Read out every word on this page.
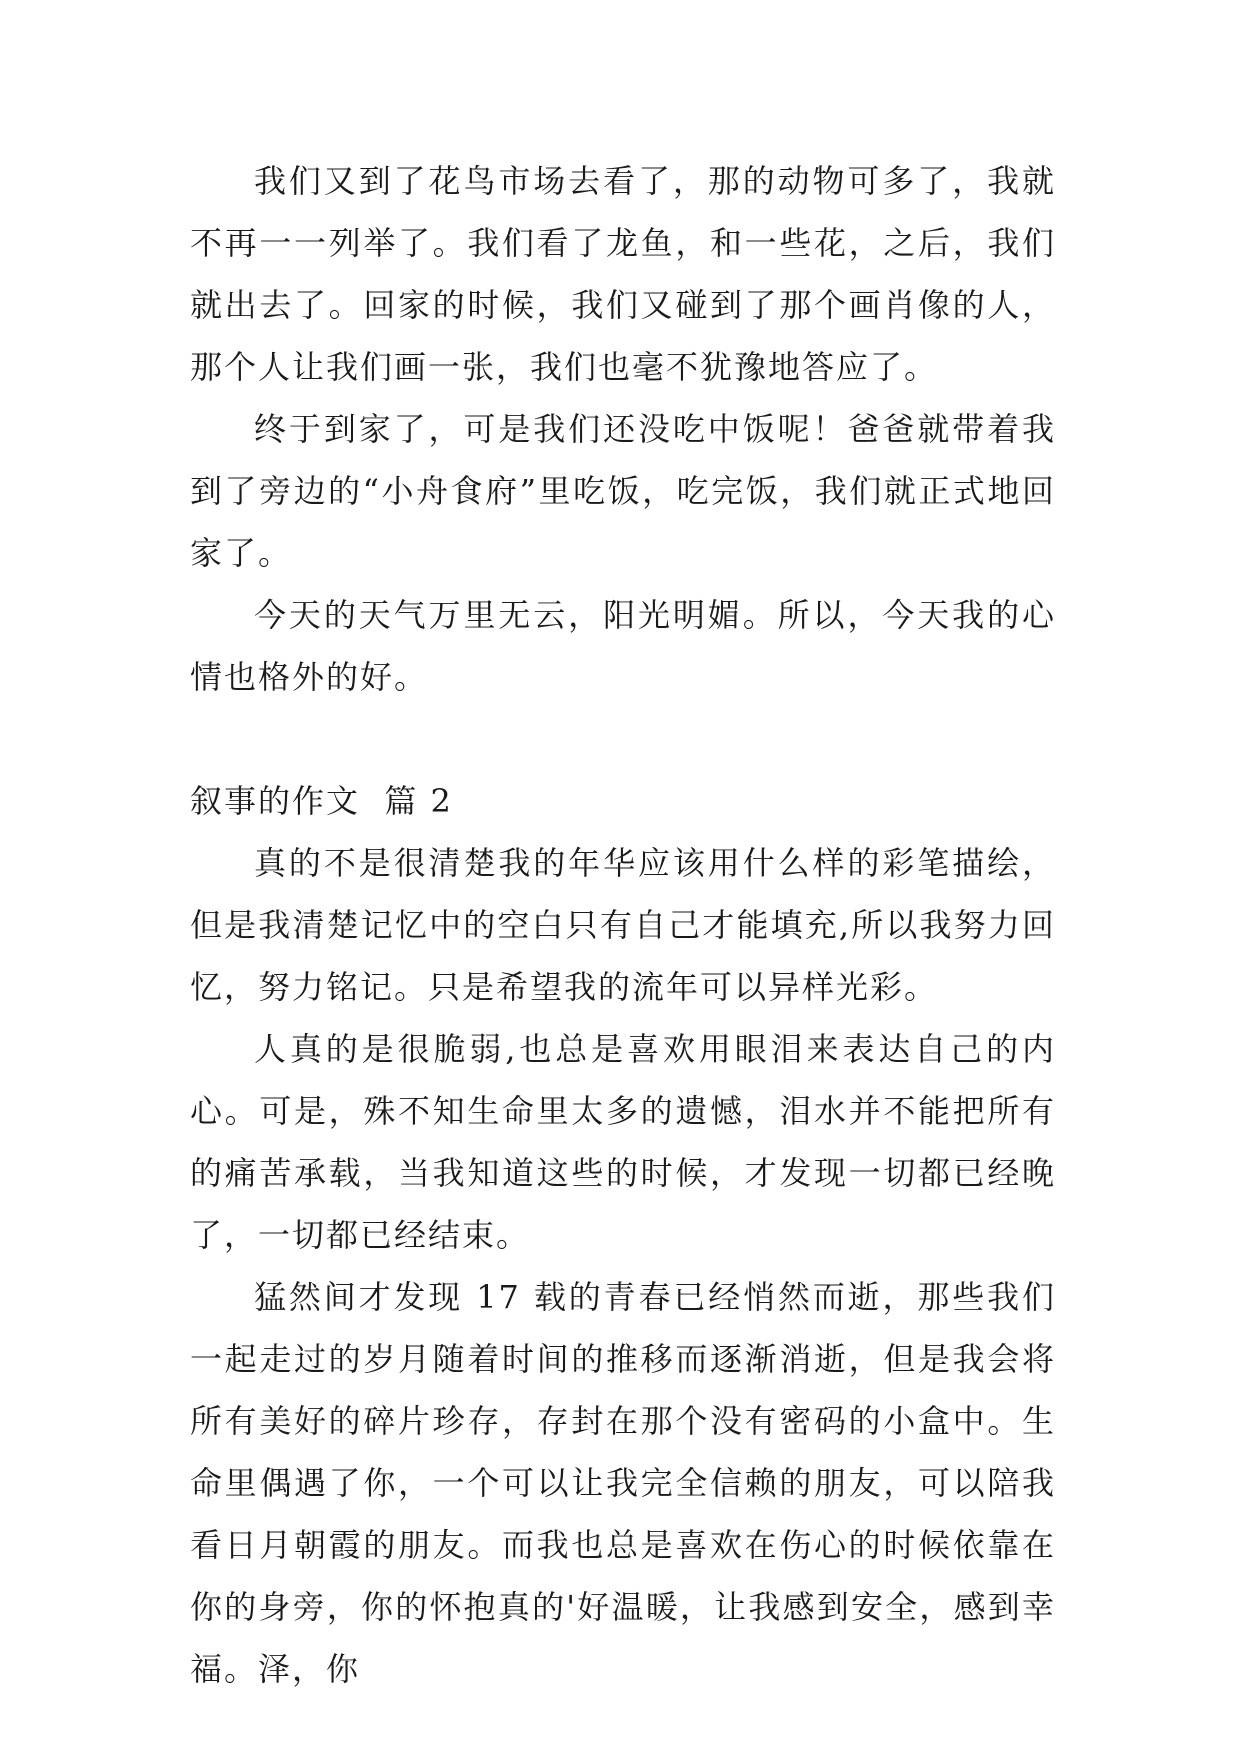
我们又到了花鸟市场去看了，那的动物可多了，我就不再一一列举了。我们看了龙鱼，和一些花，之后，我们就出去了。回家的时候，我们又碰到了那个画肖像的人，那个人让我们画一张，我们也毫不犹豫地答应了。

终于到家了，可是我们还没吃中饭呢！爸爸就带着我到了旁边的“小舟食府”里吃饭，吃完饭，我们就正式地回家了。

今天的天气万里无云，阳光明媚。所以，今天我的心情也格外的好。

叙事的作文  篇 2

真的不是很清楚我的年华应该用什么样的彩笔描绘，但是我清楚记忆中的空白只有自己才能填充,所以我努力回忆，努力铭记。只是希望我的流年可以异样光彩。

人真的是很脆弱,也总是喜欢用眼泪来表达自己的内心。可是，殊不知生命里太多的遗憾，泪水并不能把所有的痛苦承载，当我知道这些的时候，才发现一切都已经晚了，一切都已经结束。

猛然间才发现 17 载的青春已经悄然而逝，那些我们一起走过的岁月随着时间的推移而逐渐消逝，但是我会将所有美好的碎片珍存，存封在那个没有密码的小盒中。生命里偶遇了你，一个可以让我完全信赖的朋友，可以陪我看日月朝霞的朋友。而我也总是喜欢在伤心的时候依靠在你的身旁，你的怀抱真的'好温暖，让我感到安全，感到幸福。泽，你
